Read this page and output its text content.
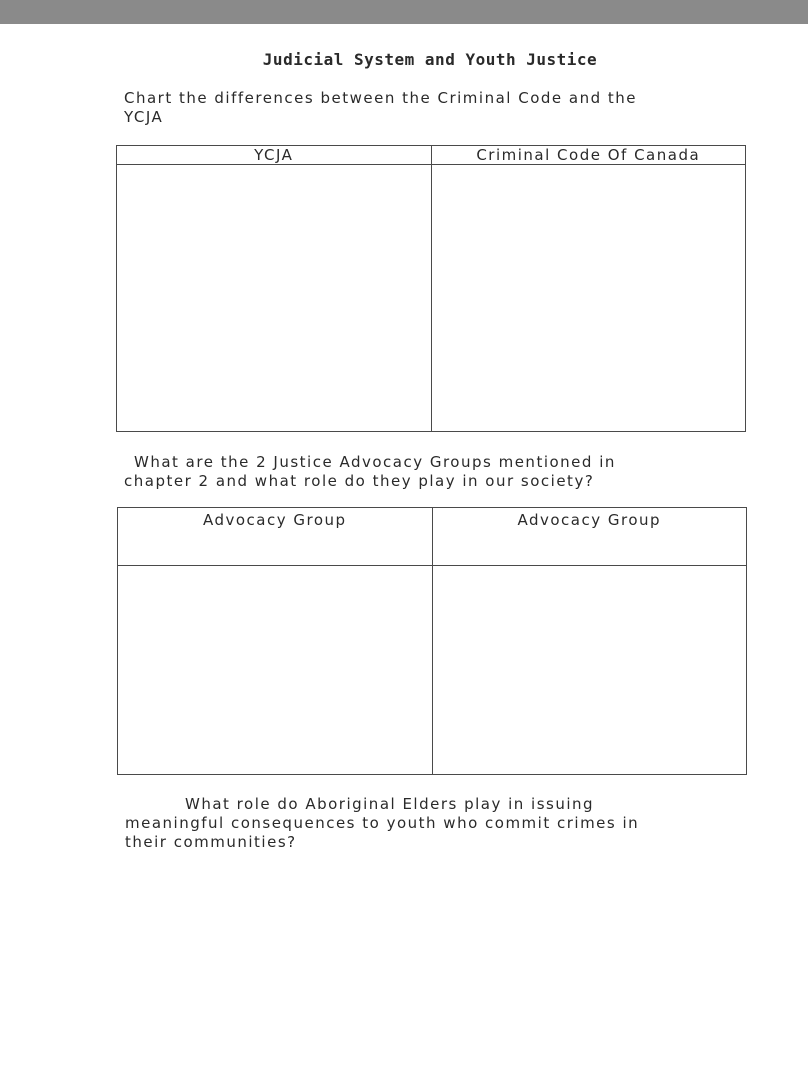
Judicial System and Youth Justice

Chart the differences between the Criminal Code and the
YCJA

YCJA	Criminal Code Of Canada

What are the 2 Justice Advocacy Groups mentioned in
chapter 2 and what role do they play in our society?

Advocacy Group	Advocacy Group

What role do Aboriginal Elders play in issuing
meaningful consequences to youth who commit crimes in
their communities?
